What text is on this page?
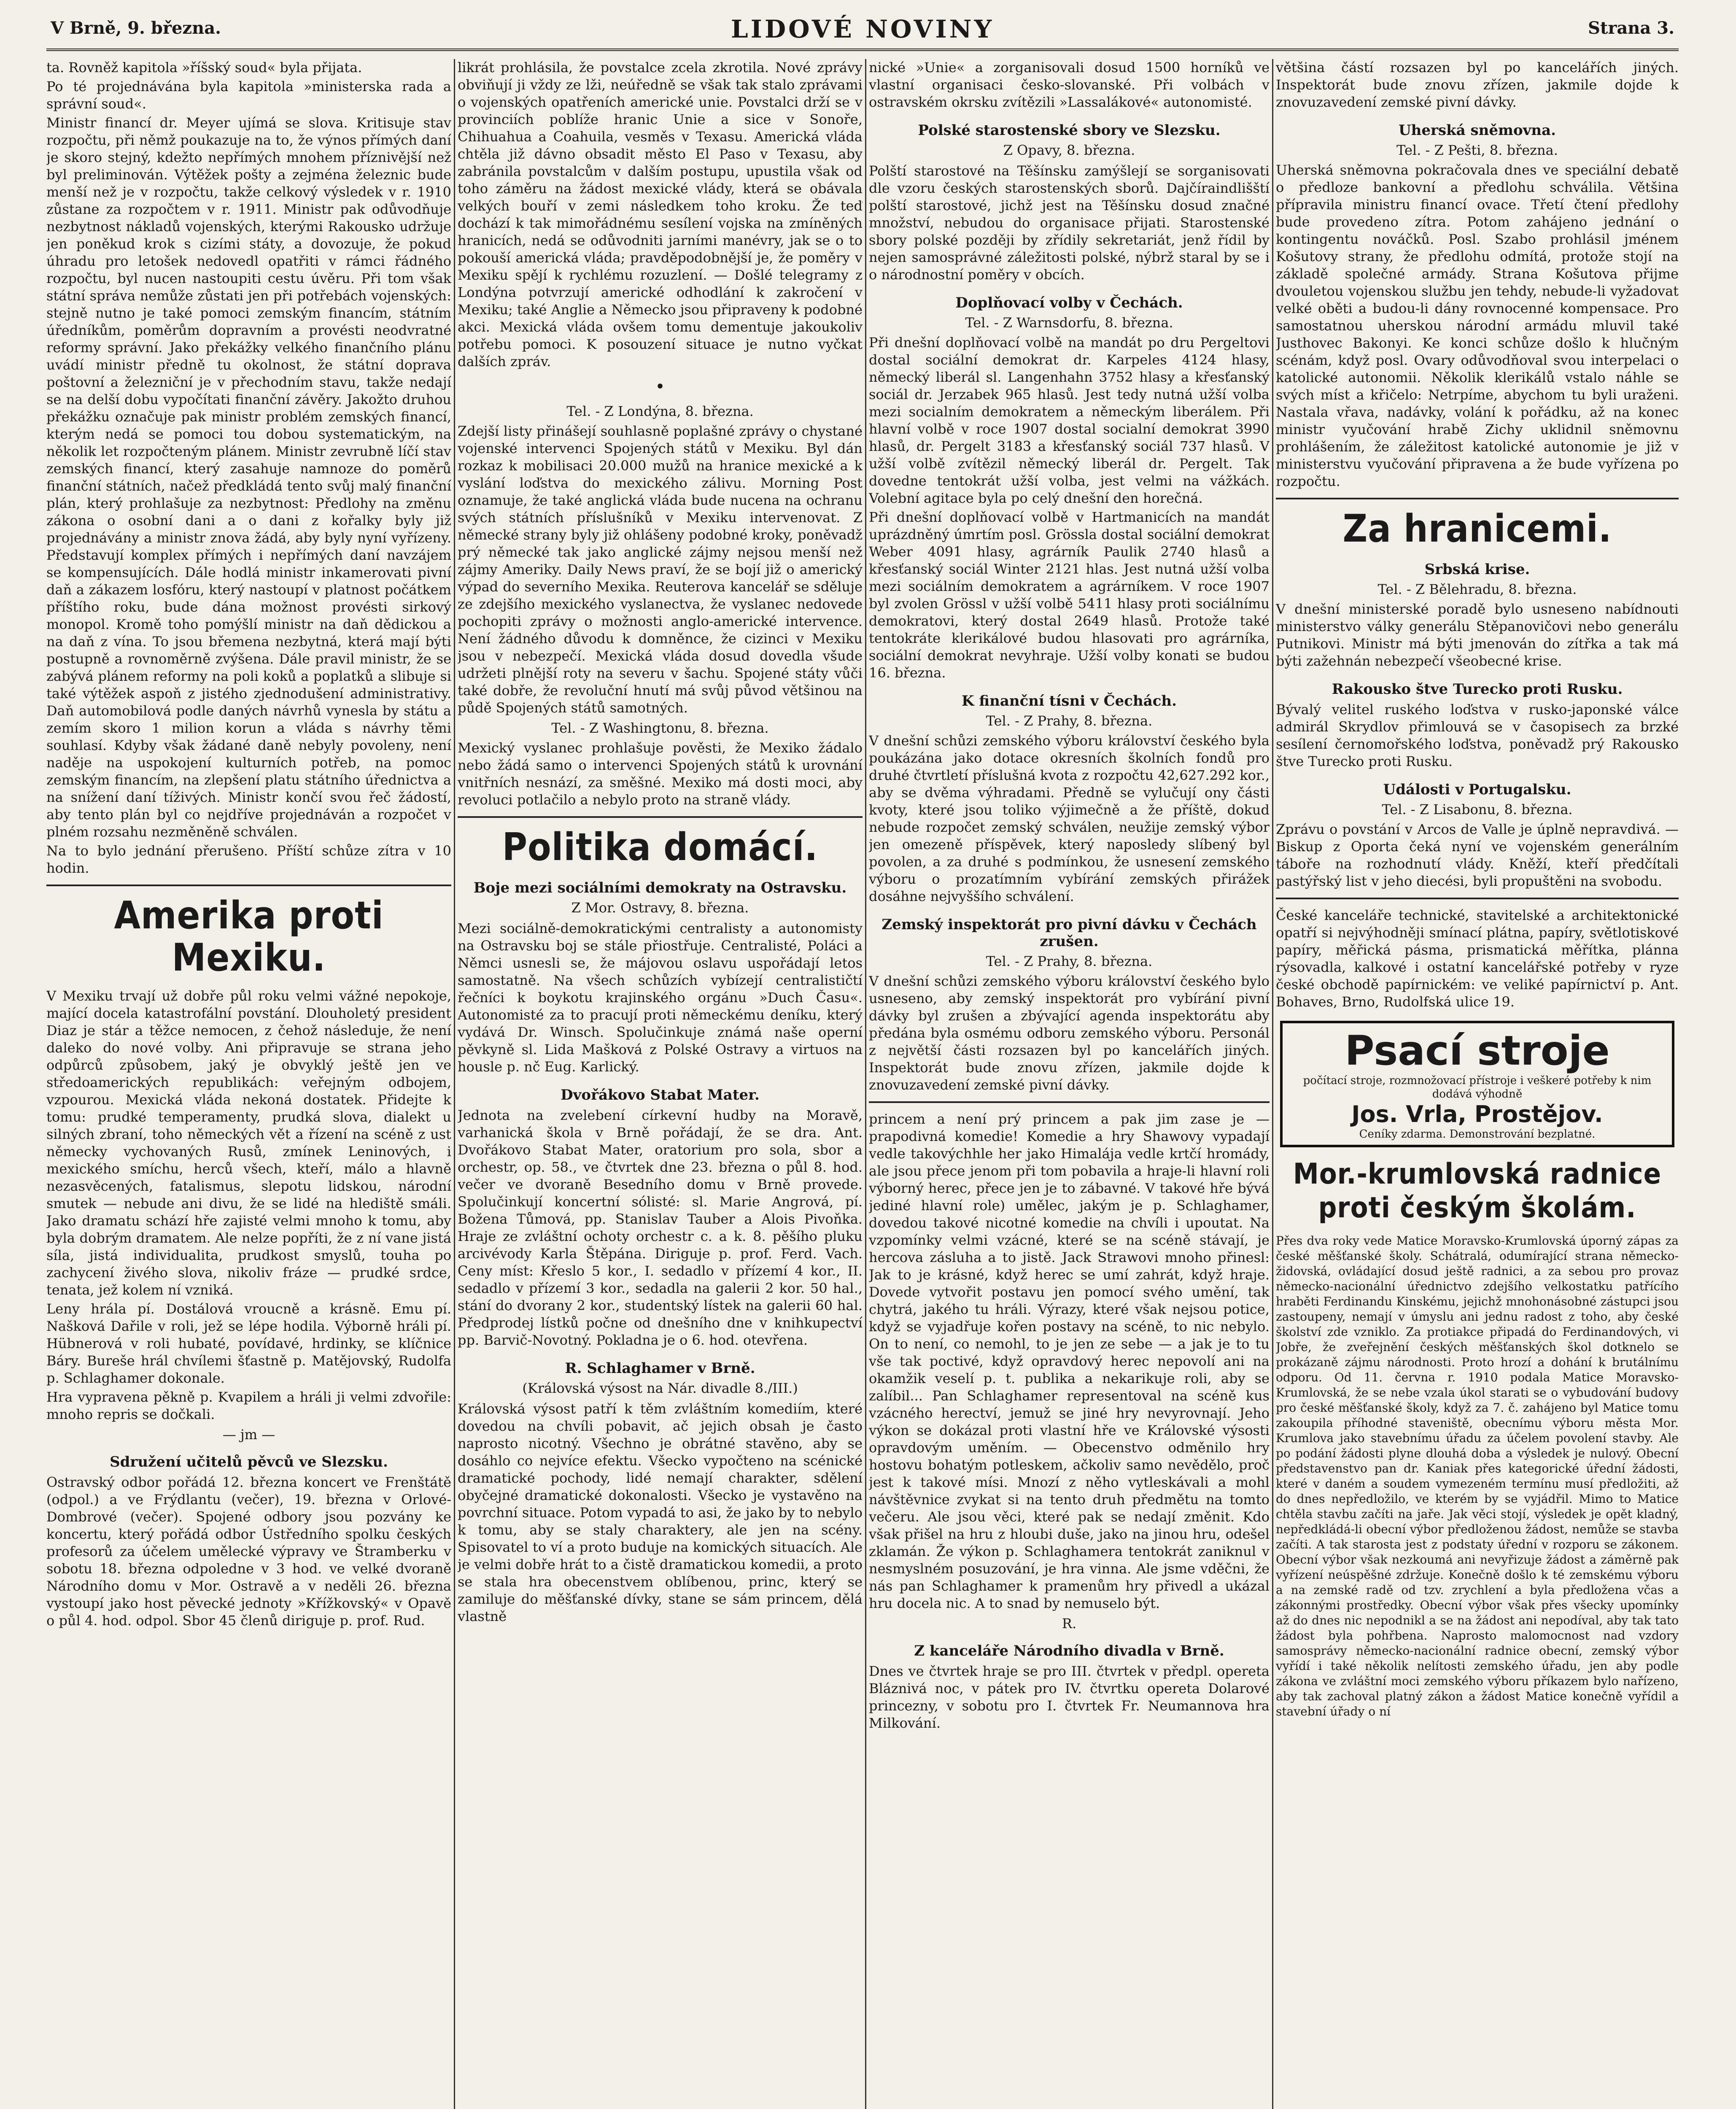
V Brně, 9. března.	LIDOVÉ NOVINY	Strana 3.

ta. Rovněž kapitola »říšský soud« byla přijata.

Po té projednávána byla kapitola »ministerska rada a správní soud«.

Ministr financí dr. Meyer ujímá se slova. Kritisuje stav rozpočtu, při němž poukazuje na to, že výnos přímých daní je skoro stejný, kdežto nepřímých mnohem příznivější než byl preliminován. Výtěžek pošty a zejména železnic bude menší než je v rozpočtu, takže celkový výsledek v r. 1910 zůstane za rozpočtem v r. 1911. Ministr pak odůvodňuje nezbytnost nákladů vojenských, kterými Rakousko udržuje jen poněkud krok s cizími státy, a dovozuje, že pokud úhradu pro letošek nedovedl opatřiti v rámci řádného rozpočtu, byl nucen nastoupiti cestu úvěru. Při tom však státní správa nemůže zůstati jen při potřebách vojenských: stejně nutno je také pomoci zemským financím, státním úředníkům, poměrům dopravním a provésti neodvratné reformy správní. Jako překážky velkého finančního plánu uvádí ministr předně tu okolnost, že státní doprava poštovní a železniční je v přechodním stavu, takže nedají se na delší dobu vypočítati finanční závěry. Jakožto druhou překážku označuje pak ministr problém zemských financí, kterým nedá se pomoci tou dobou systematickým, na několik let rozpočteným plánem. Ministr zevrubně líčí stav zemských financí, který zasahuje namnoze do poměrů finanční státních, načež předkládá tento svůj malý finanční plán, který prohlašuje za nezbytnost: Předlohy na změnu zákona o osobní dani a o dani z kořalky byly již projednávány a ministr znova žádá, aby byly nyní vyřízeny. Představují komplex přímých i nepřímých daní navzájem se kompensujících. Dále hodlá ministr inkamerovati pivní daň a zákazem losfóru, který nastoupí v platnost počátkem příštího roku, bude dána možnost provésti sirkový monopol. Kromě toho pomýšlí ministr na daň dědickou a na daň z vína. To jsou břemena nezbytná, která mají býti postupně a rovnoměrně zvýšena. Dále pravil ministr, že se zabývá plánem reformy na poli koků a poplatků a slibuje si také výtěžek aspoň z jistého zjednodušení administrativy. Daň automobilová podle daných návrhů vynesla by státu a zemím skoro 1 milion korun a vláda s návrhy těmi souhlasí. Kdyby však žádané daně nebyly povoleny, není naděje na uspokojení kulturních potřeb, na pomoc zemským financím, na zlepšení platu státního úřednictva a na snížení daní tíživých. Ministr končí svou řeč žádostí, aby tento plán byl co nejdříve projednáván a rozpočet v plném rozsahu nezměněně schválen.

Na to bylo jednání přerušeno. Příští schůze zítra v 10 hodin.

Amerika proti Mexiku.

V Mexiku trvají už dobře půl roku velmi vážné nepokoje, mající docela katastrofální povstání. Dlouholetý president Diaz je stár a těžce nemocen, z čehož následuje, že není daleko do nové volby. Ani připravuje se strana jeho odpůrců způsobem, jaký je obvyklý ještě jen ve středoamerických republikách: veřejným odbojem, vzpourou. Mexická vláda nekoná dostatek. Přidejte k tomu: prudké temperamenty, prudká slova, dialekt u silných zbraní, toho německých vět a řízení na scéně z ust německy vychovaných Rusů, zmínek Leninových, i mexického smíchu, herců všech, kteří, málo a hlavně nezasvěcených, fatalismus, slepotu lidskou, národní smutek — nebude ani divu, že se lidé na hlediště smáli. Jako dramatu schází hře zajisté velmi mnoho k tomu, aby byla dobrým dramatem. Ale nelze popříti, že z ní vane jistá síla, jistá individualita, prudkost smyslů, touha po zachycení živého slova, nikoliv fráze — prudké srdce, tenata, jež kolem ní vzniká.

Leny hrála pí. Dostálová vroucně a krásně. Emu pí. Našková Dařile v roli, jež se lépe hodila. Výborně hráli pí. Hübnerová v roli hubaté, povídavé, hrdinky, se klíčnice Báry. Bureše hrál chvílemi šťastně p. Matějovský, Rudolfa p. Schlaghamer dokonale.

Hra vypravena pěkně p. Kvapilem a hráli ji velmi zdvořile: mnoho repris se dočkali.

— jm —
Sdružení učitelů pěvců ve Slezsku.

Ostravský odbor pořádá 12. března koncert ve Frenštátě (odpol.) a ve Frýdlantu (večer), 19. března v Orlové-Dombrové (večer). Spojené odbory jsou pozvány ke koncertu, který pořádá odbor Ústředního spolku českých profesorů za účelem umělecké výpravy ve Štramberku v sobotu 18. března odpoledne v 3 hod. ve velké dvoraně Národního domu v Mor. Ostravě a v neděli 26. března vystoupí jako host pěvecké jednoty »Křížkovský« v Opavě o půl 4. hod. odpol. Sbor 45 členů diriguje p. prof. Rud.

likrát prohlásila, že povstalce zcela zkrotila. Nové zprávy obviňují ji vždy ze lži, neúředně se však tak stalo zprávami o vojenských opatřeních americké unie. Povstalci drží se v provinciích poblíže hranic Unie a sice v Sonoře, Chihuahua a Coahuila, vesměs v Texasu. Americká vláda chtěla již dávno obsadit město El Paso v Texasu, aby zabránila povstalcům v dalším postupu, upustila však od toho záměru na žádost mexické vlády, která se obávala velkých bouří v zemi následkem toho kroku. Že teď dochází k tak mimořádnému sesílení vojska na zmíněných hranicích, nedá se odůvodniti jarními manévry, jak se o to pokouší americká vláda; pravděpodobnější je, že poměry v Mexiku spějí k rychlému rozuzlení. — Došlé telegramy z Londýna potvrzují americké odhodlání k zakročení v Mexiku; také Anglie a Německo jsou připraveny k podobné akci. Mexická vláda ovšem tomu dementuje jakoukoliv potřebu pomoci. K posouzení situace je nutno vyčkat dalších zpráv.

•
Tel. - Z Londýna, 8. března.

Zdejší listy přinášejí souhlasně poplašné zprávy o chystané vojenské intervenci Spojených států v Mexiku. Byl dán rozkaz k mobilisaci 20.000 mužů na hranice mexické a k vyslání loďstva do mexického zálivu. Morning Post oznamuje, že také anglická vláda bude nucena na ochranu svých státních příslušníků v Mexiku intervenovat. Z německé strany byly již ohlášeny podobné kroky, poněvadž prý německé tak jako anglické zájmy nejsou menší než zájmy Ameriky. Daily News praví, že se bojí již o americký výpad do severního Mexika. Reuterova kancelář se sděluje ze zdejšího mexického vyslanectva, že vyslanec nedovede pochopiti zprávy o možnosti anglo-americké intervence. Není žádného důvodu k domněnce, že cizinci v Mexiku jsou v nebezpečí. Mexická vláda dosud dovedla všude udržeti plnější roty na severu v šachu. Spojené státy vůči také dobře, že revoluční hnutí má svůj původ většinou na půdě Spojených států samotných.

Tel. - Z Washingtonu, 8. března.

Mexický vyslanec prohlašuje pověsti, že Mexiko žádalo nebo žádá samo o intervenci Spojených států k urovnání vnitřních nesnází, za směšné. Mexiko má dosti moci, aby revoluci potlačilo a nebylo proto na straně vlády.

Politika domácí.
Boje mezi sociálními demokraty na Ostravsku.
Z Mor. Ostravy, 8. března.

Mezi sociálně-demokratickými centralisty a autonomisty na Ostravsku boj se stále přiostřuje. Centralisté, Poláci a Němci usnesli se, že májovou oslavu uspořádají letos samostatně. Na všech schůzích vybízejí centralističtí řečníci k boykotu krajinského orgánu »Duch Času«. Autonomisté za to pracují proti německému deníku, který vydává Dr. Winsch. Spolučinkuje známá naše operní pěvkyně sl. Lida Mašková z Polské Ostravy a virtuos na housle p. nč Eug. Karlický.

Dvořákovo Stabat Mater.

Jednota na zvelebení církevní hudby na Moravě, varhanická škola v Brně pořádají, že se dra. Ant. Dvořákovo Stabat Mater, oratorium pro sola, sbor a orchestr, op. 58., ve čtvrtek dne 23. března o půl 8. hod. večer ve dvoraně Besedního domu v Brně provede. Spolučinkují koncertní sólisté: sl. Marie Angrová, pí. Božena Tůmová, pp. Stanislav Tauber a Alois Pivoňka. Hraje ze zvláštní ochoty orchestr c. a k. 8. pěšího pluku arcivévody Karla Štěpána. Diriguje p. prof. Ferd. Vach. Ceny míst: Křeslo 5 kor., I. sedadlo v přízemí 4 kor., II. sedadlo v přízemí 3 kor., sedadla na galerii 2 kor. 50 hal., stání do dvorany 2 kor., studentský lístek na galerii 60 hal. Předprodej lístků počne od dnešního dne v knihkupectví pp. Barvič-Novotný. Pokladna je o 6. hod. otevřena.

R. Schlaghamer v Brně.
(Královská výsost na Nár. divadle 8./III.)

Královská výsost patří k těm zvláštním komediím, které dovedou na chvíli pobavit, ač jejich obsah je často naprosto nicotný. Všechno je obrátné stavěno, aby se dosáhlo co nejvíce efektu. Všecko vypočteno na scénické dramatické pochody, lidé nemají charakter, sdělení obyčejné dramatické dokonalosti. Všecko je vystavěno na povrchní situace. Potom vypadá to asi, že jako by to nebylo k tomu, aby se staly charaktery, ale jen na scény. Spisovatel to ví a proto buduje na komických situacích. Ale je velmi dobře hrát to a čistě dramatickou komedii, a proto se stala hra obecenstvem oblíbenou, princ, který se zamiluje do měšťanské dívky, stane se sám princem, dělá vlastně

nické »Unie« a zorganisovali dosud 1500 horníků ve vlastní organisaci česko-slovanské. Při volbách v ostravském okrsku zvítězili »Lassalákové« autonomisté.

Polské starostenské sbory ve Slezsku.
Z Opavy, 8. března.

Polští starostové na Těšínsku zamýšlejí se sorganisovati dle vzoru českých starostenských sborů. Dajčíraindlišští polští starostové, jichž jest na Těšínsku dosud značné množství, nebudou do organisace přijati. Starostenské sbory polské později by zřídily sekretariát, jenž řídil by nejen samosprávné záležitosti polské, nýbrž staral by se i o národnostní poměry v obcích.

Doplňovací volby v Čechách.
Tel. - Z Warnsdorfu, 8. března.

Při dnešní doplňovací volbě na mandát po dru Pergeltovi dostal sociální demokrat dr. Karpeles 4124 hlasy, německý liberál sl. Langenhahn 3752 hlasy a křesťanský sociál dr. Jerzabek 965 hlasů. Jest tedy nutná užší volba mezi socialním demokratem a německým liberálem. Při hlavní volbě v roce 1907 dostal socialní demokrat 3990 hlasů, dr. Pergelt 3183 a křesťanský sociál 737 hlasů. V užší volbě zvítězil německý liberál dr. Pergelt. Tak dovedne tentokrát užší volba, jest velmi na vážkách. Volební agitace byla po celý dnešní den horečná.

Při dnešní doplňovací volbě v Hartmanicích na mandát uprázdněný úmrtím posl. Grössla dostal sociální demokrat Weber 4091 hlasy, agrárník Paulik 2740 hlasů a křesťanský sociál Winter 2121 hlas. Jest nutná užší volba mezi sociálním demokratem a agrárníkem. V roce 1907 byl zvolen Grössl v užší volbě 5411 hlasy proti sociálnímu demokratovi, který dostal 2649 hlasů. Protože také tentokráte klerikálové budou hlasovati pro agrárníka, sociální demokrat nevyhraje. Užší volby konati se budou 16. března.

K finanční tísni v Čechách.
Tel. - Z Prahy, 8. března.

V dnešní schůzi zemského výboru království českého byla poukázána jako dotace okresních školních fondů pro druhé čtvrtletí příslušná kvota z rozpočtu 42,627.292 kor., aby se dvěma výhradami. Předně se vylučují ony části kvoty, které jsou toliko výjimečně a že příště, dokud nebude rozpočet zemský schválen, neužije zemský výbor jen omezeně příspěvek, který naposledy slíbený byl povolen, a za druhé s podmínkou, že usnesení zemského výboru o prozatímním vybírání zemských přirážek dosáhne nejvyššího schválení.

Zemský inspektorát pro pivní dávku v Čechách zrušen.
Tel. - Z Prahy, 8. března.

V dnešní schůzi zemského výboru království českého bylo usneseno, aby zemský inspektorát pro vybírání pivní dávky byl zrušen a zbývající agenda inspektorátu aby předána byla osmému odboru zemského výboru. Personál z největší části rozsazen byl po kancelářích jiných. Inspektorát bude znovu zřízen, jakmile dojde k znovuzavedení zemské pivní dávky.

princem a není prý princem a pak jim zase je — prapodivná komedie! Komedie a hry Shawovy vypadají vedle takovýchhle her jako Himalája vedle krtčí hromády, ale jsou přece jenom při tom pobavila a hraje-li hlavní roli výborný herec, přece jen je to zábavné. V takové hře bývá jediné hlavní role) umělec, jakým je p. Schlaghamer, dovedou takové nicotné komedie na chvíli i upoutat. Na vzpomínky velmi vzácné, které se na scéně stávají, je hercova zásluha a to jistě. Jack Strawovi mnoho přinesl: Jak to je krásné, když herec se umí zahrát, když hraje. Dovede vytvořit postavu jen pomocí svého umění, tak chytrá, jakého tu hráli. Výrazy, které však nejsou potice, když se vyjadřuje kořen postavy na scéně, to nic nebylo. On to není, co nemohl, to je jen ze sebe — a jak je to tu vše tak poctivé, když opravdový herec nepovolí ani na okamžik veselí p. t. publika a nekarikuje roli, aby se zalíbil... Pan Schlaghamer representoval na scéně kus vzácného herectví, jemuž se jiné hry nevyrovnají. Jeho výkon se dokázal proti vlastní hře ve Královské výsosti opravdovým uměním. — Obecenstvo odměnilo hry hostovu bohatým potleskem, ačkoliv samo nevědělo, proč jest k takové mísi. Mnozí z něho vytleskávali a mohl návštěvnice zvykat si na tento druh předmětu na tomto večeru. Ale jsou věci, které pak se nedají změnit. Kdo však přišel na hru z hloubi duše, jako na jinou hru, odešel zklamán. Že výkon p. Schlaghamera tentokrát zaniknul v nesmyslném posuzování, je hra vinna. Ale jsme vděčni, že nás pan Schlaghamer k pramenům hry přivedl a ukázal hru docela nic. A to snad by nemuselo být.

R.
Z kanceláře Národního divadla v Brně.

Dnes ve čtvrtek hraje se pro III. čtvrtek v předpl. opereta Bláznivá noc, v pátek pro IV. čtvrtku opereta Dolarové princezny, v sobotu pro I. čtvrtek Fr. Neumannova hra Milkování.

většina částí rozsazen byl po kancelářích jiných. Inspektorát bude znovu zřízen, jakmile dojde k znovuzavedení zemské pivní dávky.

Uherská sněmovna.
Tel. - Z Pešti, 8. března.

Uherská sněmovna pokračovala dnes ve speciální debatě o předloze bankovní a předlohu schválila. Většina přípravila ministru financí ovace. Třetí čtení předlohy bude provedeno zítra. Potom zahájeno jednání o kontingentu nováčků. Posl. Szabo prohlásil jménem Košutovy strany, že předlohu odmítá, protože stojí na základě společné armády. Strana Košutova přijme dvouletou vojenskou službu jen tehdy, nebude-li vyžadovat velké oběti a budou-li dány rovnocenné kompensace. Pro samostatnou uherskou národní armádu mluvil také Justhovec Bakonyi. Ke konci schůze došlo k hlučným scénám, když posl. Ovary odůvodňoval svou interpelaci o katolické autonomii. Několik klerikálů vstalo náhle se svých míst a křičelo: Netrpíme, abychom tu byli uraženi. Nastala vřava, nadávky, volání k pořádku, až na konec ministr vyučování hrabě Zichy uklidnil sněmovnu prohlášením, že záležitost katolické autonomie je již v ministerstvu vyučování připravena a že bude vyřízena po rozpočtu.

Za hranicemi.
Srbská krise.
Tel. - Z Bělehradu, 8. března.

V dnešní ministerské poradě bylo usneseno nabídnouti ministerstvo války generálu Stěpanovičovi nebo generálu Putnikovi. Ministr má býti jmenován do zítřka a tak má býti zažehnán nebezpečí všeobecné krise.

Rakousko štve Turecko proti Rusku.

Bývalý velitel ruského loďstva v rusko-japonské válce admirál Skrydlov přimlouvá se v časopisech za brzké sesílení černomořského loďstva, poněvadž prý Rakousko štve Turecko proti Rusku.

Události v Portugalsku.
Tel. - Z Lisabonu, 8. března.

Zprávu o povstání v Arcos de Valle je úplně nepravdivá. — Biskup z Oporta čeká nyní ve vojenském generálním táboře na rozhodnutí vlády. Kněží, kteří předčítali pastýřský list v jeho diecési, byli propuštěni na svobodu.

České kanceláře technické, stavitelské a architektonické opatří si nejvýhodněji smínací plátna, papíry, světlotiskové papíry, měřická pásma, prismatická měřítka, plánna rýsovadla, kalkové i ostatní kancelářské potřeby v ryze české obchodě papírnickém: ve veliké papírnictví p. Ant. Bohaves, Brno, Rudolfská ulice 19.

Psací stroje
počítací stroje, rozmnožovací přístroje i veškeré potřeby k nim dodává výhodně
Jos. Vrla, Prostějov.
Ceníky zdarma. Demonstrování bezplatné.
Mor.-krumlovská radnice proti českým školám.

Přes dva roky vede Matice Moravsko-Krumlovská úporný zápas za české měšťanské školy. Schátralá, odumírající strana německo-židovská, ovládající dosud ještě radnici, a za sebou pro provaz německo-nacionální úřednictvo zdejšího velkostatku patřícího hraběti Ferdinandu Kinskému, jejichž mnohonásobné zástupci jsou zastoupeny, nemají v úmyslu ani jednu radost z toho, aby české školství zde vzniklo. Za protiakce připadá do Ferdinandových, vi Jobře, že zveřejnění českých měšťanských škol dotknelo se prokázaně zájmu národnosti. Proto hrozí a dohání k brutálnímu odporu. Od 11. června r. 1910 podala Matice Moravsko-Krumlovská, že se nebe vzala úkol starati se o vybudování budovy pro české měšťanské školy, když za 7. č. zahájeno byl Matice tomu zakoupila příhodné staveniště, obecnímu výboru města Mor. Krumlova jako stavebnímu úřadu za účelem povolení stavby. Ale po podání žádosti plyne dlouhá doba a výsledek je nulový. Obecní představenstvo pan dr. Kaniak přes kategorické úřední žádosti, které v daném a soudem vymezeném termínu musí předložiti, až do dnes nepředložilo, ve kterém by se vyjádřil. Mimo to Matice chtěla stavbu začíti na jaře. Jak věci stojí, výsledek je opět kladný, nepředkládá-li obecní výbor předloženou žádost, nemůže se stavba začíti. A tak starosta jest z podstaty úřední v rozporu se zákonem. Obecní výbor však nezkoumá ani nevyřizuje žádost a záměrně pak vyřízení neúspěšné zdržuje. Konečně došlo k té zemskému výboru a na zemské radě od tzv. zrychlení a byla předložena včas a zákonnými prostředky. Obecní výbor však přes všecky upomínky až do dnes nic nepodnikl a se na žádost ani nepodíval, aby tak tato žádost byla pohřbena. Naprosto malomocnost nad vzdory samosprávy německo-nacionální radnice obecní, zemský výbor vyřídí i také několik nelítosti zemského úřadu, jen aby podle zákona ve zvláštní moci zemského výboru příkazem bylo nařízeno, aby tak zachoval platný zákon a žádost Matice konečně vyřídil a stavební úřady o ní
